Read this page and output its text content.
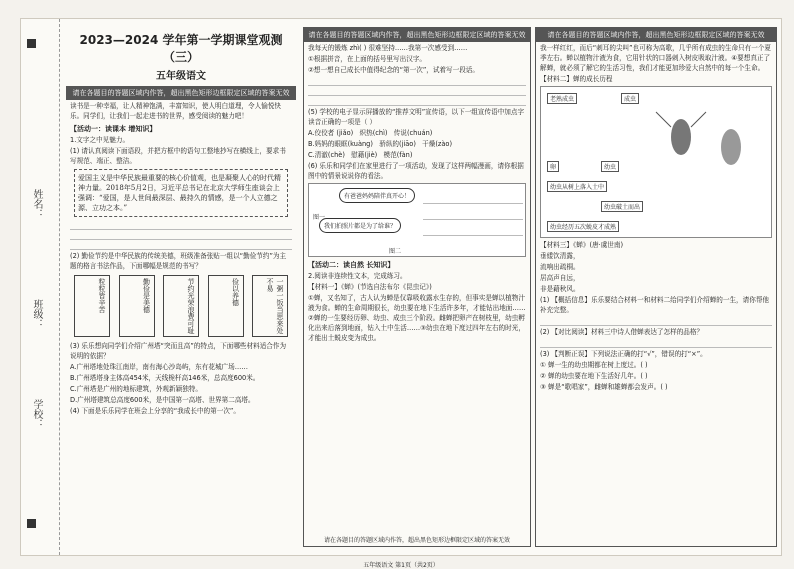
姓名：
班级：
学校：
2023—2024 学年第一学期课堂观测（三）
五年级语文
请在各题目的答题区域内作答，超出黑色矩形边框限定区域的答案无效
读书是一种幸福，让人精神饱满，丰富知识，使人明白道理，令人愉悦快乐。同学们，让我们一起走进书的世界，感受阅读的魅力吧！
【活动一：读课本 增知识】
1.文字之中见魅力。
(1) 请认真阅读下面语段，并把方框中的语句工整地抄写在横线上，要求书写规范、端正、整洁。
爱国主义是中华民族最重要的核心价值观，也是凝聚人心的时代精神力量。2018年5月2日，习近平总书记在北京大学师生座谈会上强调：“爱国，是人世间最深层、最持久的情感，是一个人立德之源、立功之本。”
(2) 勤俭节约是中华民族的传统美德，班级准备张贴一组以“勤俭节约”为主题的格言书法作品，下面哪幅是规范的书写？
粒粒皆辛苦	勤俭是美德	节约光荣浪费可耻	俭以养德	一粥一饭当思来处不易
(3) 乐乐想向同学们介绍广州塔“突而且高”的特点，下面哪些材料适合作为说明的依据？
A.广州塔地处珠江南岸，南有海心沙岛屿，东有花城广场……
B.广州塔塔身主体高454米，天线桅杆高146米，总高度600米。
C.广州塔是广州的地标建筑，外观新颖独特。
D.广州塔建筑总高度600米，是中国第一高塔、世界第二高塔。
(4) 下面是乐乐同学在班会上分享的“我成长中的第一次”。
请在各题目的答题区域内作答，超出黑色矩形边框限定区域的答案无效
我每天的锻炼 zhì( ) 很难坚持……我第一次感受到……
①根据拼音，在上面的括号里写出汉字。
②想一想自己成长中值得纪念的“第一次”，试着写一段话。
(5) 学校的电子显示屏播放的“推荐文明”宣传语，以下一组宣传语中加点字读音正确的一项是（ ）
A.佼佼者 (jiǎo)   炽热(chì)   传说(chuán)
B.妈妈的眼眶(kuàng)   骄纵的(jiāo)   干燥(zào)
C.清澈(chè)   慰藉(jiè)   模范(fàn)
(6) 乐乐和同学们在家里进行了一项活动，发现了这样两幅漫画，请你根据图中的情景说说你的看法。
有爸爸妈妈陪伴真开心！
我们拍照片都是为了给谁？
图一
图二
【活动二：读自然 长知识】
2.阅读非连续性文本，完成练习。
【材料一】《蝉》(节选自法布尔《昆虫记》)
①蝉，又名知了，古人认为蝉是仅靠吸收露水生存的，但事实是蝉以植物汁液为食。蝉的生命周期很长，幼虫要在地下生活许多年，才能钻出地面……②蝉的一生要经历卵、幼虫、成虫三个阶段。雌蝉把卵产在树枝里，幼虫孵化出来后落到地面，钻入土中生活……③幼虫在地下度过四年左右的时光，才能出土蜕皮变为成虫。
请在各题目的答题区域内作答，超出黑色矩形边框限定区域的答案无效
请在各题目的答题区域内作答，超出黑色矩形边框限定区域的答案无效
我一样红红，而后“刺耳的尖叫”也可称为高歌，几乎所有成虫的生命只有一个夏季左右。蝉以植物汁液为食，它用针状的口器刺入树皮吸取汁液。④要想真正了解蝉，就必须了解它的生活习性，我们才能更加珍爱大自然中的每一个生命。
【材料二】蝉的成长历程
老熟成虫	成虫
卵	幼虫
幼虫从树上落入土中
幼虫破土而出
幼虫经历五次蜕皮才成熟
【材料三】《蝉》(唐·虞世南)
垂緌饮清露，
流响出疏桐。
居高声自远，
非是藉秋风。
(1) 【概括信息】乐乐要结合材料一和材料二给同学们介绍蝉的一生，请你帮他补充完整。
(2) 【对比阅读】材料三中诗人借蝉表达了怎样的品格？
(3) 【判断正误】下列说法正确的打“√”，错误的打“×”。
① 蝉一生的幼虫期都在树上度过。( )
② 蝉的幼虫要在地下生活好几年。( )
③ 蝉是“歌唱家”，雌蝉和雄蝉都会发声。( )
五年级语文 第1页（共2页）
